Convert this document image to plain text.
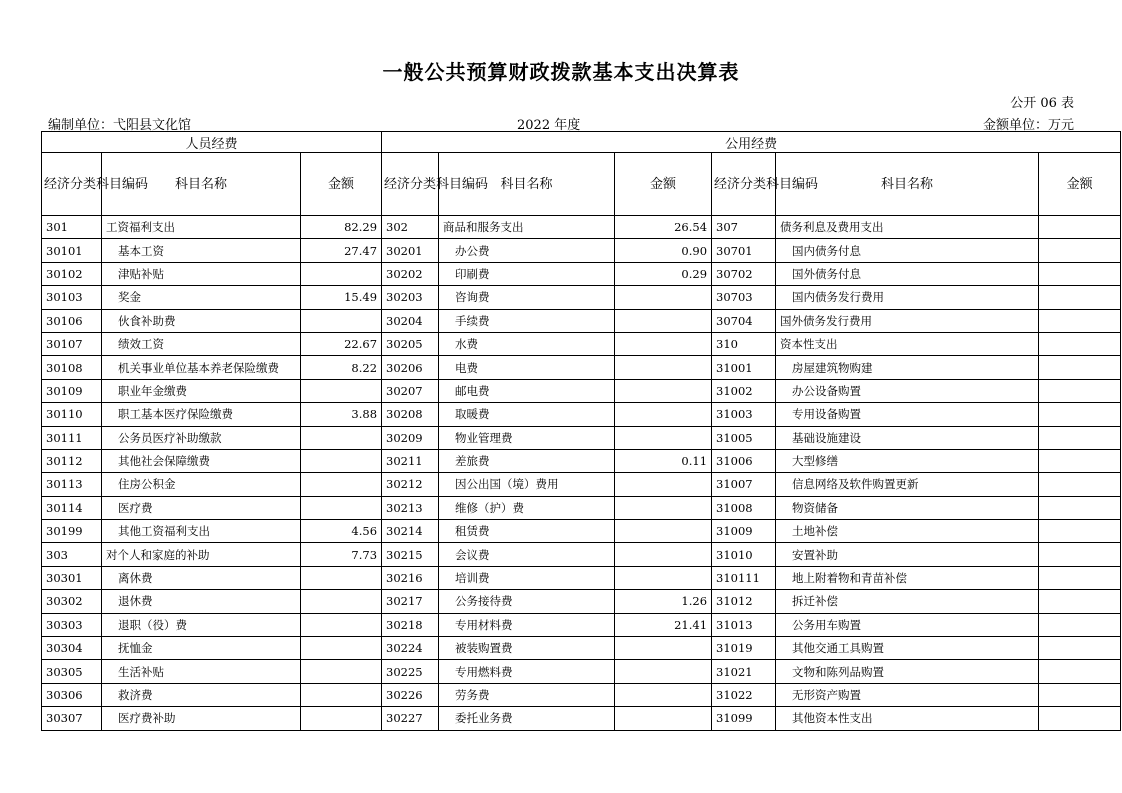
一般公共预算财政拨款基本支出决算表
公开 06 表
编制单位：弋阳县文化馆	2022 年度	金额单位：万元
人员经费			公用经费					
经济分类科目编码	科目名称	金额	经济分类科目编码	科目名称	金额	经济分类科目编码	科目名称	金额
301	工资福利支出	82.29	302	商品和服务支出	26.54	307	债务利息及费用支出	
30101	基本工资	27.47	30201	办公费	0.90	30701	国内债务付息	
30102	津贴补贴		30202	印刷费	0.29	30702	国外债务付息	
30103	奖金	15.49	30203	咨询费		30703	国内债务发行费用	
30106	伙食补助费		30204	手续费		30704	国外债务发行费用	
30107	绩效工资	22.67	30205	水费		310	资本性支出	
30108	机关事业单位基本养老保险缴费	8.22	30206	电费		31001	房屋建筑物购建	
30109	职业年金缴费		30207	邮电费		31002	办公设备购置	
30110	职工基本医疗保险缴费	3.88	30208	取暖费		31003	专用设备购置	
30111	公务员医疗补助缴款		30209	物业管理费		31005	基础设施建设	
30112	其他社会保障缴费		30211	差旅费	0.11	31006	大型修缮	
30113	住房公积金		30212	因公出国（境）费用		31007	信息网络及软件购置更新	
30114	医疗费		30213	维修（护）费		31008	物资储备	
30199	其他工资福利支出	4.56	30214	租赁费		31009	土地补偿	
303	对个人和家庭的补助	7.73	30215	会议费		31010	安置补助	
30301	离休费		30216	培训费		310111	地上附着物和青苗补偿	
30302	退休费		30217	公务接待费	1.26	31012	拆迁补偿	
30303	退职（役）费		30218	专用材料费	21.41	31013	公务用车购置	
30304	抚恤金		30224	被装购置费		31019	其他交通工具购置	
30305	生活补贴		30225	专用燃料费		31021	文物和陈列品购置	
30306	救济费		30226	劳务费		31022	无形资产购置	
30307	医疗费补助		30227	委托业务费		31099	其他资本性支出	
